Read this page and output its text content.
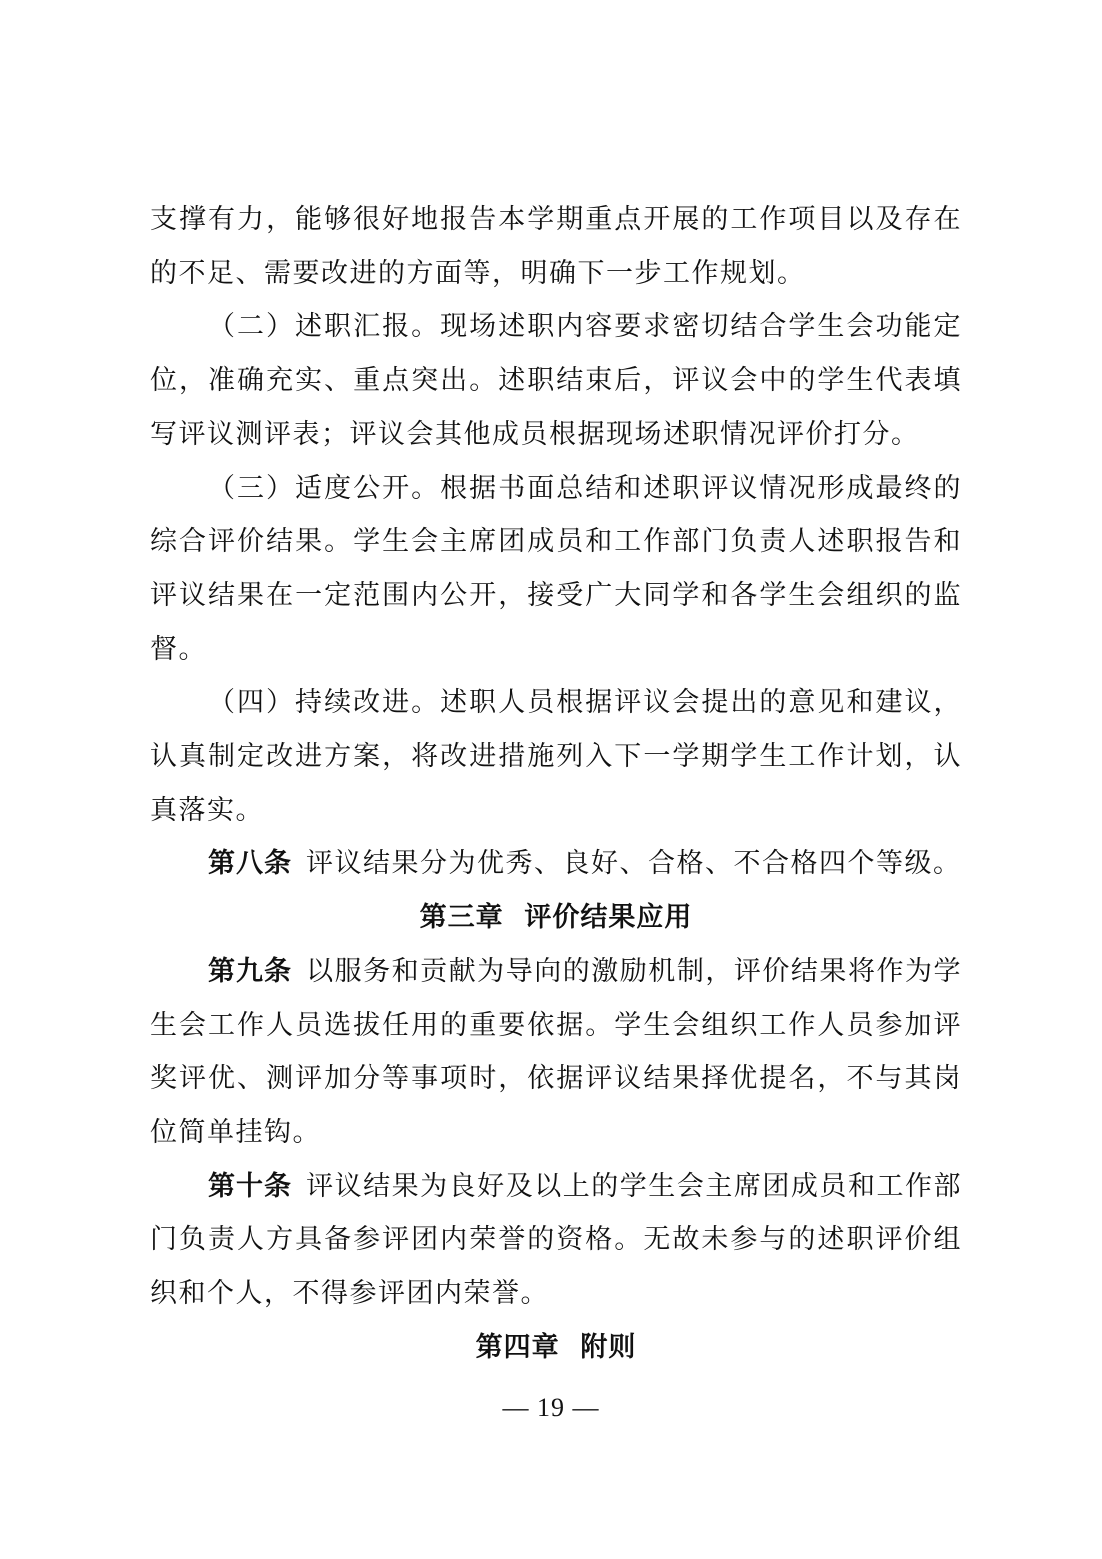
支撑有力，能够很好地报告本学期重点开展的工作项目以及存在的不足、需要改进的方面等，明确下一步工作规划。

（二）述职汇报。现场述职内容要求密切结合学生会功能定位，准确充实、重点突出。述职结束后，评议会中的学生代表填写评议测评表；评议会其他成员根据现场述职情况评价打分。

（三）适度公开。根据书面总结和述职评议情况形成最终的综合评价结果。学生会主席团成员和工作部门负责人述职报告和评议结果在一定范围内公开，接受广大同学和各学生会组织的监督。

（四）持续改进。述职人员根据评议会提出的意见和建议，认真制定改进方案，将改进措施列入下一学期学生工作计划，认真落实。

第八条 评议结果分为优秀、良好、合格、不合格四个等级。

第三章  评价结果应用

第九条 以服务和贡献为导向的激励机制，评价结果将作为学生会工作人员选拔任用的重要依据。学生会组织工作人员参加评奖评优、测评加分等事项时，依据评议结果择优提名，不与其岗位简单挂钩。

第十条 评议结果为良好及以上的学生会主席团成员和工作部门负责人方具备参评团内荣誉的资格。无故未参与的述职评价组织和个人，不得参评团内荣誉。

第四章  附则

— 19 —
